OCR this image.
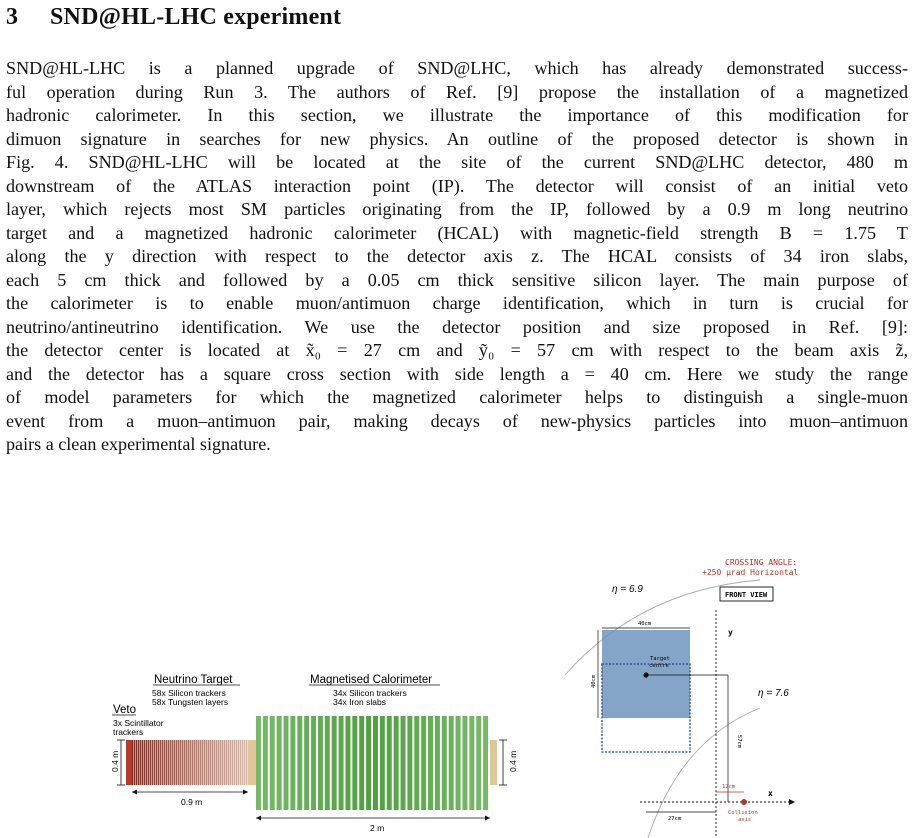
3 SND@HL-LHC experiment
SND@HL-LHC is a planned upgrade of SND@LHC, which has already demonstrated success-
ful operation during Run 3. The authors of Ref. [9] propose the installation of a magnetized
hadronic calorimeter. In this section, we illustrate the importance of this modification for
dimuon signature in searches for new physics. An outline of the proposed detector is shown in
Fig. 4. SND@HL-LHC will be located at the site of the current SND@LHC detector, 480 m
downstream of the ATLAS interaction point (IP). The detector will consist of an initial veto
layer, which rejects most SM particles originating from the IP, followed by a 0.9 m long neutrino
target and a magnetized hadronic calorimeter (HCAL) with magnetic-field strength B = 1.75 T
along the y direction with respect to the detector axis z. The HCAL consists of 34 iron slabs,
each 5 cm thick and followed by a 0.05 cm thick sensitive silicon layer. The main purpose of
the calorimeter is to enable muon/antimuon charge identification, which in turn is crucial for
neutrino/antineutrino identification. We use the detector position and size proposed in Ref. [9]:
the detector center is located at x̃₀ = 27 cm and ỹ₀ = 57 cm with respect to the beam axis z̃,
and the detector has a square cross section with side length a = 40 cm. Here we study the range
of model parameters for which the magnetized calorimeter helps to distinguish a single-muon
event from a muon–antimuon pair, making decays of new-physics particles into muon–antimuon
pairs a clean experimental signature.
Veto
3x Scintillator
trackers
Neutrino Target
58x Silicon trackers
58x Tungsten layers
Magnetised Calorimeter
34x Silicon trackers
34x Iron slabs
0.4 m	0.4 m
0.9 m
2 m
CROSSING ANGLE:
+250 μrad Horizontal
FRONT VIEW
η = 6.9
η = 7.6
40cm
40cm
Target
centre
y
x
57cm
27cm
12cm
Collision
axis
